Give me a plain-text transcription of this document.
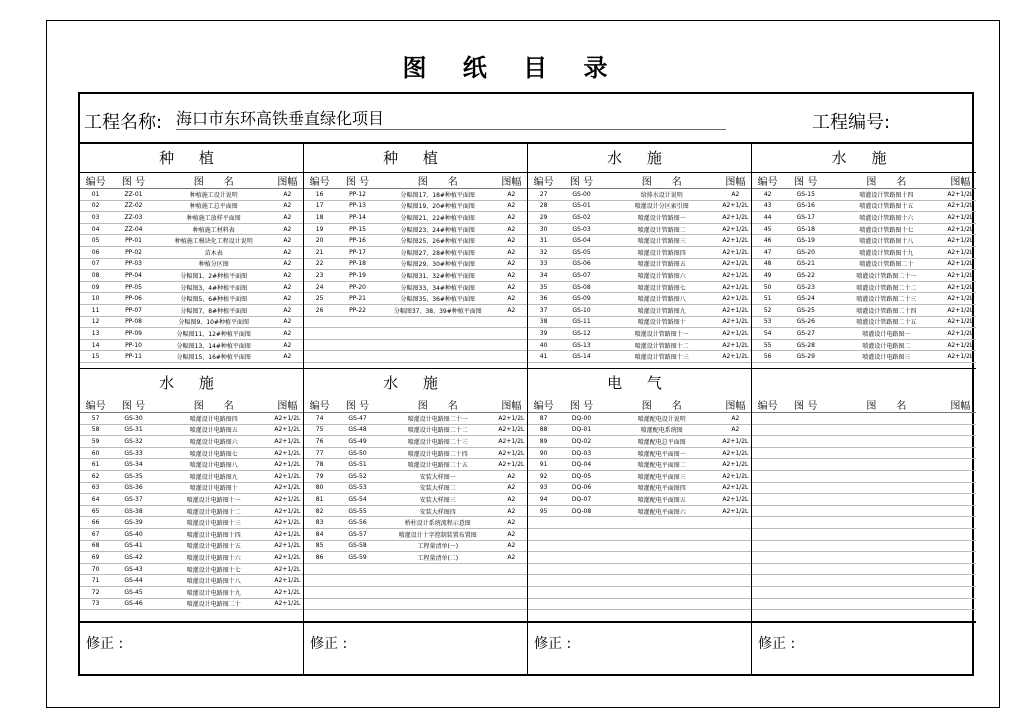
图 纸 目 录
工程名称: 海口市东环高铁垂直绿化项目	工程编号:
种 植
编号	图 号	图　　名	图幅
01	ZZ-01	种植施工设计说明	A2
02	ZZ-02	种植施工总平面图	A2
03	ZZ-03	种植施工放样平面图	A2
04	ZZ-04	种植施工材料表	A2
05	PP-01	种植施工模块化工程设计说明	A2
06	PP-02	苗木表	A2
07	PP-03	种植分区图	A2
08	PP-04	分幅图1、2#种植平面图	A2
09	PP-05	分幅图3、4#种植平面图	A2
10	PP-06	分幅图5、6#种植平面图	A2
11	PP-07	分幅图7、8#种植平面图	A2
12	PP-08	分幅图9、10#种植平面图	A2
13	PP-09	分幅图11、12#种植平面图	A2
14	PP-10	分幅图13、14#种植平面图	A2
15	PP-11	分幅图15、16#种植平面图	A2
种 植
编号	图 号	图　　名	图幅
16	PP-12	分幅图17、18#种植平面图	A2
17	PP-13	分幅图19、20#种植平面图	A2
18	PP-14	分幅图21、22#种植平面图	A2
19	PP-15	分幅图23、24#种植平面图	A2
20	PP-16	分幅图25、26#种植平面图	A2
21	PP-17	分幅图27、28#种植平面图	A2
22	PP-18	分幅图29、30#种植平面图	A2
23	PP-19	分幅图31、32#种植平面图	A2
24	PP-20	分幅图33、34#种植平面图	A2
25	PP-21	分幅图35、36#种植平面图	A2
26	PP-22	分幅图37、38、39#种植平面图	A2

水 施
编号	图 号	图　　名	图幅
27	GS-00	给排水设计说明	A2
28	GS-01	喷灌设计分区索引图	A2+1/2L
29	GS-02	喷灌设计管路图一	A2+1/2L
30	GS-03	喷灌设计管路图二	A2+1/2L
31	GS-04	喷灌设计管路图三	A2+1/2L
32	GS-05	喷灌设计管路图四	A2+1/2L
33	GS-06	喷灌设计管路图五	A2+1/2L
34	GS-07	喷灌设计管路图六	A2+1/2L
35	GS-08	喷灌设计管路图七	A2+1/2L
36	GS-09	喷灌设计管路图八	A2+1/2L
37	GS-10	喷灌设计管路图九	A2+1/2L
38	GS-11	喷灌设计管路图十	A2+1/2L
39	GS-12	喷灌设计管路图十一	A2+1/2L
40	GS-13	喷灌设计管路图十二	A2+1/2L
41	GS-14	喷灌设计管路图十三	A2+1/2L
水 施
编号	图 号	图　　名	图幅
42	GS-15	喷灌设计管路图十四	A2+1/2L
43	GS-16	喷灌设计管路图十五	A2+1/2L
44	GS-17	喷灌设计管路图十六	A2+1/2L
45	GS-18	喷灌设计管路图十七	A2+1/2L
46	GS-19	喷灌设计管路图十八	A2+1/2L
47	GS-20	喷灌设计管路图十九	A2+1/2L
48	GS-21	喷灌设计管路图二十	A2+1/2L
49	GS-22	喷灌设计管路图二十一	A2+1/2L
50	GS-23	喷灌设计管路图二十二	A2+1/2L
51	GS-24	喷灌设计管路图二十三	A2+1/2L
52	GS-25	喷灌设计管路图二十四	A2+1/2L
53	GS-26	喷灌设计管路图二十五	A2+1/2L
54	GS-27	喷灌设计电路图一	A2+1/2L
55	GS-28	喷灌设计电路图二	A2+1/2L
56	GS-29	喷灌设计电路图三	A2+1/2L
水 施
编号	图 号	图　　名	图幅
57	GS-30	喷灌设计电路图四	A2+1/2L
58	GS-31	喷灌设计电路图五	A2+1/2L
59	GS-32	喷灌设计电路图六	A2+1/2L
60	GS-33	喷灌设计电路图七	A2+1/2L
61	GS-34	喷灌设计电路图八	A2+1/2L
62	GS-35	喷灌设计电路图九	A2+1/2L
63	GS-36	喷灌设计电路图十	A2+1/2L
64	GS-37	喷灌设计电路图十一	A2+1/2L
65	GS-38	喷灌设计电路图十二	A2+1/2L
66	GS-39	喷灌设计电路图十三	A2+1/2L
67	GS-40	喷灌设计电路图十四	A2+1/2L
68	GS-41	喷灌设计电路图十五	A2+1/2L
69	GS-42	喷灌设计电路图十六	A2+1/2L
70	GS-43	喷灌设计电路图十七	A2+1/2L
71	GS-44	喷灌设计电路图十八	A2+1/2L
72	GS-45	喷灌设计电路图十九	A2+1/2L
73	GS-46	喷灌设计电路图二十	A2+1/2L
水 施
编号	图 号	图　　名	图幅
74	GS-47	喷灌设计电路图二十一	A2+1/2L
75	GS-48	喷灌设计电路图二十二	A2+1/2L
76	GS-49	喷灌设计电路图二十三	A2+1/2L
77	GS-50	喷灌设计电路图二十四	A2+1/2L
78	GS-51	喷灌设计电路图二十五	A2+1/2L
79	GS-52	安装大样图一	A2
80	GS-53	安装大样图二	A2
81	GS-54	安装大样图三	A2
82	GS-55	安装大样图四	A2
83	GS-56	桥柱设计系统流程示意图	A2
84	GS-57	喷灌设计十字控制装置布置图	A2
85	GS-58	工程量清单(一)	A2
86	GS-59	工程量清单(二)	A2

电 气
编号	图 号	图　　名	图幅
87	DQ-00	喷灌配电设计说明	A2
88	DQ-01	喷灌配电系统图	A2
89	DQ-02	喷灌配电总平面图	A2+1/2L
90	DQ-03	喷灌配电平面图一	A2+1/2L
91	DQ-04	喷灌配电平面图二	A2+1/2L
92	DQ-05	喷灌配电平面图三	A2+1/2L
93	DQ-06	喷灌配电平面图四	A2+1/2L
94	DQ-07	喷灌配电平面图五	A2+1/2L
95	DQ-08	喷灌配电平面图六	A2+1/2L

编号	图 号	图　　名	图幅

修正 :	修正 :	修正 :	修正 :
